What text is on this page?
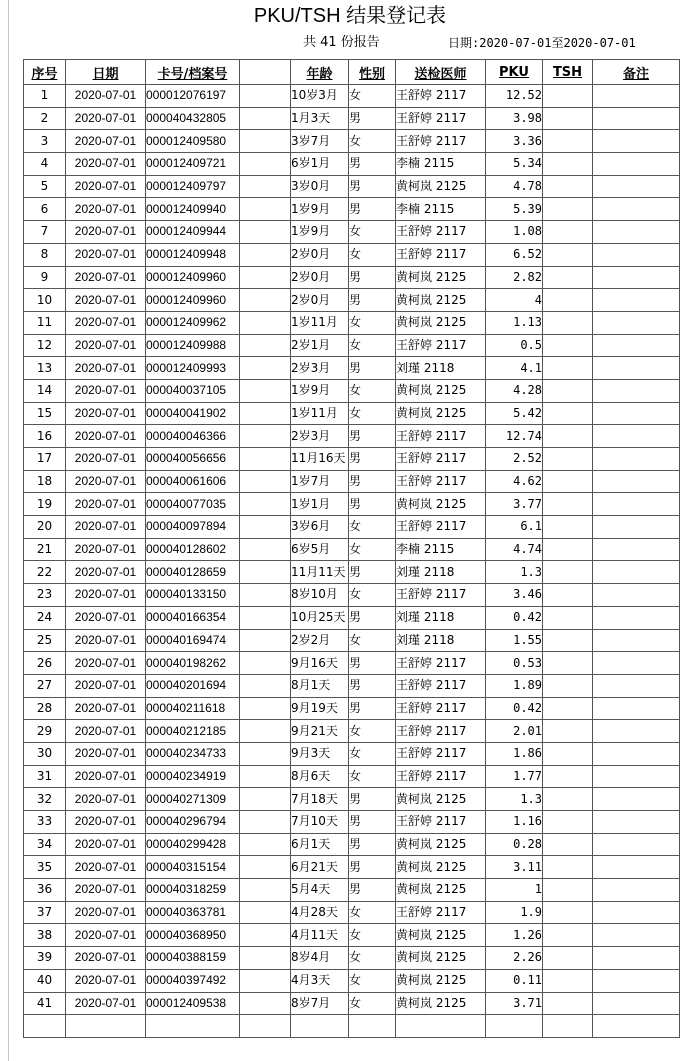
PKU/TSH 结果登记表
共 41 份报告	日期:2020-07-01至2020-07-01
序号	日期	卡号/档案号		年龄	性别	送检医师	PKU	TSH	备注
1	2020-07-01	000012076197		10岁3月	女	王舒婷 2117	12.52		
2	2020-07-01	000040432805		1月3天	男	王舒婷 2117	3.98		
3	2020-07-01	000012409580		3岁7月	女	王舒婷 2117	3.36		
4	2020-07-01	000012409721		6岁1月	男	李楠 2115	5.34		
5	2020-07-01	000012409797		3岁0月	男	黄柯岚 2125	4.78		
6	2020-07-01	000012409940		1岁9月	男	李楠 2115	5.39		
7	2020-07-01	000012409944		1岁9月	女	王舒婷 2117	1.08		
8	2020-07-01	000012409948		2岁0月	女	王舒婷 2117	6.52		
9	2020-07-01	000012409960		2岁0月	男	黄柯岚 2125	2.82		
10	2020-07-01	000012409960		2岁0月	男	黄柯岚 2125	4		
11	2020-07-01	000012409962		1岁11月	女	黄柯岚 2125	1.13		
12	2020-07-01	000012409988		2岁1月	女	王舒婷 2117	0.5		
13	2020-07-01	000012409993		2岁3月	男	刘瑾 2118	4.1		
14	2020-07-01	000040037105		1岁9月	女	黄柯岚 2125	4.28		
15	2020-07-01	000040041902		1岁11月	女	黄柯岚 2125	5.42		
16	2020-07-01	000040046366		2岁3月	男	王舒婷 2117	12.74		
17	2020-07-01	000040056656		11月16天	男	王舒婷 2117	2.52		
18	2020-07-01	000040061606		1岁7月	男	王舒婷 2117	4.62		
19	2020-07-01	000040077035		1岁1月	男	黄柯岚 2125	3.77		
20	2020-07-01	000040097894		3岁6月	女	王舒婷 2117	6.1		
21	2020-07-01	000040128602		6岁5月	女	李楠 2115	4.74		
22	2020-07-01	000040128659		11月11天	男	刘瑾 2118	1.3		
23	2020-07-01	000040133150		8岁10月	女	王舒婷 2117	3.46		
24	2020-07-01	000040166354		10月25天	男	刘瑾 2118	0.42		
25	2020-07-01	000040169474		2岁2月	女	刘瑾 2118	1.55		
26	2020-07-01	000040198262		9月16天	男	王舒婷 2117	0.53		
27	2020-07-01	000040201694		8月1天	男	王舒婷 2117	1.89		
28	2020-07-01	000040211618		9月19天	男	王舒婷 2117	0.42		
29	2020-07-01	000040212185		9月21天	女	王舒婷 2117	2.01		
30	2020-07-01	000040234733		9月3天	女	王舒婷 2117	1.86		
31	2020-07-01	000040234919		8月6天	女	王舒婷 2117	1.77		
32	2020-07-01	000040271309		7月18天	男	黄柯岚 2125	1.3		
33	2020-07-01	000040296794		7月10天	男	王舒婷 2117	1.16		
34	2020-07-01	000040299428		6月1天	男	黄柯岚 2125	0.28		
35	2020-07-01	000040315154		6月21天	男	黄柯岚 2125	3.11		
36	2020-07-01	000040318259		5月4天	男	黄柯岚 2125	1		
37	2020-07-01	000040363781		4月28天	女	王舒婷 2117	1.9		
38	2020-07-01	000040368950		4月11天	女	黄柯岚 2125	1.26		
39	2020-07-01	000040388159		8岁4月	女	黄柯岚 2125	2.26		
40	2020-07-01	000040397492		4月3天	女	黄柯岚 2125	0.11		
41	2020-07-01	000012409538		8岁7月	女	黄柯岚 2125	3.71		
